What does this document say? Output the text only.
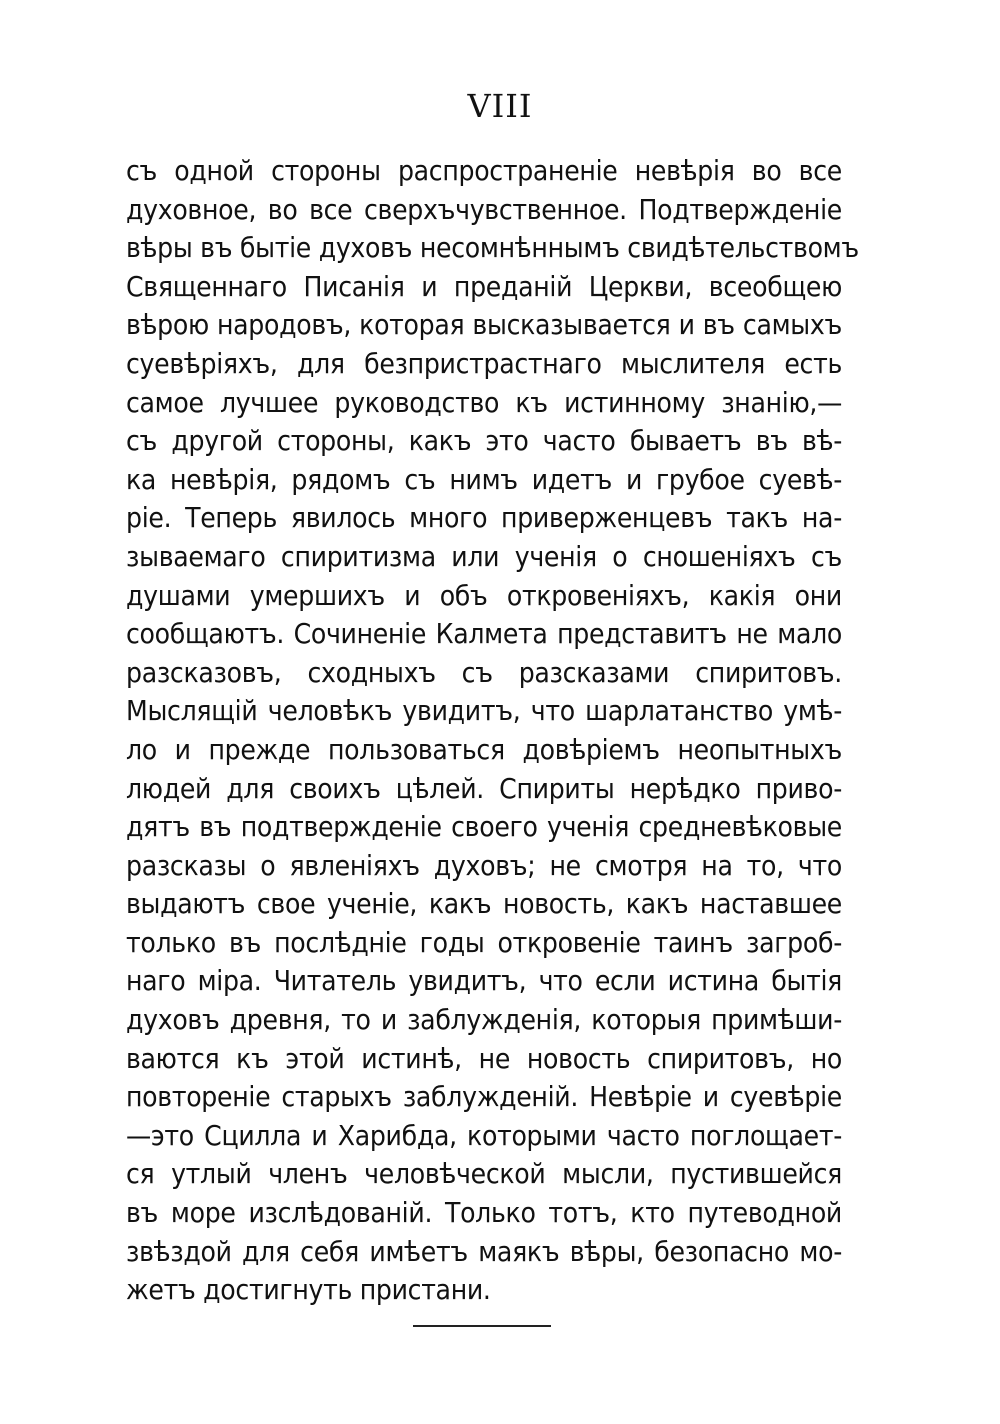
VIII
съ одной стороны распространеніе невѣрія во все
духовное, во все сверхъчувственное. Подтвержденіе
вѣры въ бытіе духовъ несомнѣннымъ свидѣтельствомъ
Священнаго Писанія и преданій Церкви, всеобщею
вѣрою народовъ, которая высказывается и въ самыхъ
суевѣріяхъ, для безпристрастнаго мыслителя есть
самое лучшее руководство къ истинному знанію,—
съ другой стороны, какъ это часто бываетъ въ вѣ-
ка невѣрія, рядомъ съ нимъ идетъ и грубое суевѣ-
ріе. Теперь явилось много приверженцевъ такъ на-
зываемаго спиритизма или ученія о сношеніяхъ съ
душами умершихъ и объ откровеніяхъ, какія они
сообщаютъ. Сочиненіе Калмета представитъ не мало
разсказовъ, сходныхъ съ разсказами спиритовъ.
Мыслящій человѣкъ увидитъ, что шарлатанство умѣ-
ло и прежде пользоваться довѣріемъ неопытныхъ
людей для своихъ цѣлей. Спириты нерѣдко приво-
дятъ въ подтвержденіе своего ученія средневѣковые
разсказы о явленіяхъ духовъ; не смотря на то, что
выдаютъ свое ученіе, какъ новость, какъ наставшее
только въ послѣдніе годы откровеніе таинъ загроб-
наго міра. Читатель увидитъ, что если истина бытія
духовъ древня, то и заблужденія, которыя примѣши-
ваются къ этой истинѣ, не новость спиритовъ, но
повтореніе старыхъ заблужденій. Невѣріе и суевѣріе
—это Сцилла и Харибда, которыми часто поглощает-
ся утлый членъ человѣческой мысли, пустившейся
въ море изслѣдованій. Только тотъ, кто путеводной
звѣздой для себя имѣетъ маякъ вѣры, безопасно мо-
жетъ достигнуть пристани.
